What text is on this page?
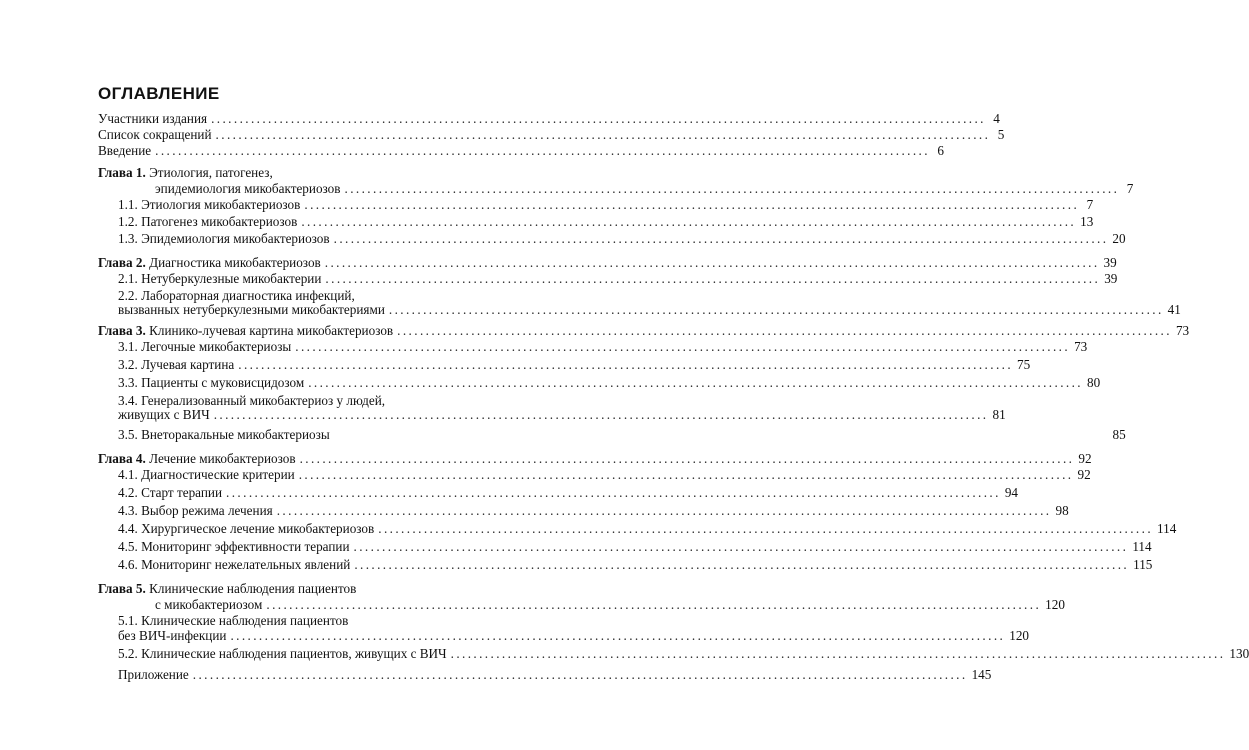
ОГЛАВЛЕНИЕ
Участники издания ........................................................................................................................................ 4
Список сокращений ........................................................................................................................................ 5
Введение ........................................................................................................................................ 6
Глава 1. Этиология, патогенез,
эпидемиология микобактериозов ........................................................................................................................................ 7
1.1. Этиология микобактериозов ........................................................................................................................................ 7
1.2. Патогенез микобактериозов ........................................................................................................................................ 13
1.3. Эпидемиология микобактериозов ........................................................................................................................................ 20
Глава 2. Диагностика микобактериозов ........................................................................................................................................ 39
2.1. Нетуберкулезные микобактерии ........................................................................................................................................ 39
2.2. Лабораторная диагностика инфекций,
вызванных нетуберкулезными микобактериями ........................................................................................................................................ 41
Глава 3. Клинико-лучевая картина микобактериозов ........................................................................................................................................ 73
3.1. Легочные микобактериозы ........................................................................................................................................ 73
3.2. Лучевая картина ........................................................................................................................................ 75
3.3. Пациенты с муковисцидозом ........................................................................................................................................ 80
3.4. Генерализованный микобактериоз у людей,
живущих с ВИЧ ........................................................................................................................................ 81
3.5. Внеторакальные микобактериозы	85
Глава 4. Лечение микобактериозов ........................................................................................................................................ 92
4.1. Диагностические критерии ........................................................................................................................................ 92
4.2. Старт терапии ........................................................................................................................................ 94
4.3. Выбор режима лечения ........................................................................................................................................ 98
4.4. Хирургическое лечение микобактериозов ........................................................................................................................................ 114
4.5. Мониторинг эффективности терапии ........................................................................................................................................ 114
4.6. Мониторинг нежелательных явлений ........................................................................................................................................ 115
Глава 5. Клинические наблюдения пациентов
с микобактериозом ........................................................................................................................................ 120
5.1. Клинические наблюдения пациентов
без ВИЧ-инфекции ........................................................................................................................................ 120
5.2. Клинические наблюдения пациентов, живущих с ВИЧ ........................................................................................................................................ 130
Приложение ........................................................................................................................................ 145
